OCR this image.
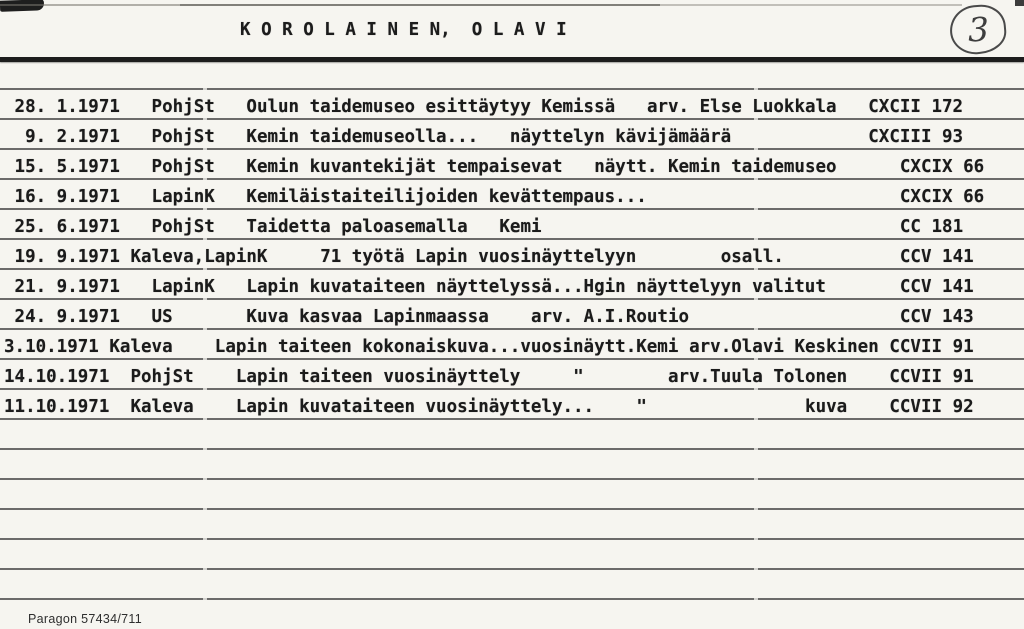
K O R O L A I N E N,  O L A V I	3
28. 1.1971 PohjSt Oulun taidemuseo esittäytyy Kemissä arv. Else Luokkala CXCII 172
9. 2.1971 PohjSt Kemin taidemuseolla... näyttelyn kävijämäärä	CXCIII 93
15. 5.1971 PohjSt Kemin kuvantekijät tempaisevat näytt. Kemin taidemuseo	CXCIX 66
16. 9.1971 LapinK Kemiläistaiteilijoiden kevättempaus...	CXCIX 66
25. 6.1971 PohjSt Taidetta paloasemalla Kemi	CC 181
19. 9.1971 Kaleva,LapinK	71 työtä Lapin vuosinäyttelyyn	osall.	CCV 141
21. 9.1971 LapinK Lapin kuvataiteen näyttelyssä...Hgin näyttelyyn valitut	CCV 141
24. 9.1971 US	Kuva kasvaa Lapinmaassa arv. A.I.Routio	CCV 143
3.10.1971 Kaleva Lapin taiteen kokonaiskuva...vuosinäytt.Kemi arv.Olavi Keskinen CCVII 91
14.10.1971 PohjSt Lapin taiteen vuosinäyttely	"	arv.Tuula Tolonen CCVII 91
11.10.1971 Kaleva Lapin kuvataiteen vuosinäyttely... "	kuva CCVII 92
Paragon 57434/711
